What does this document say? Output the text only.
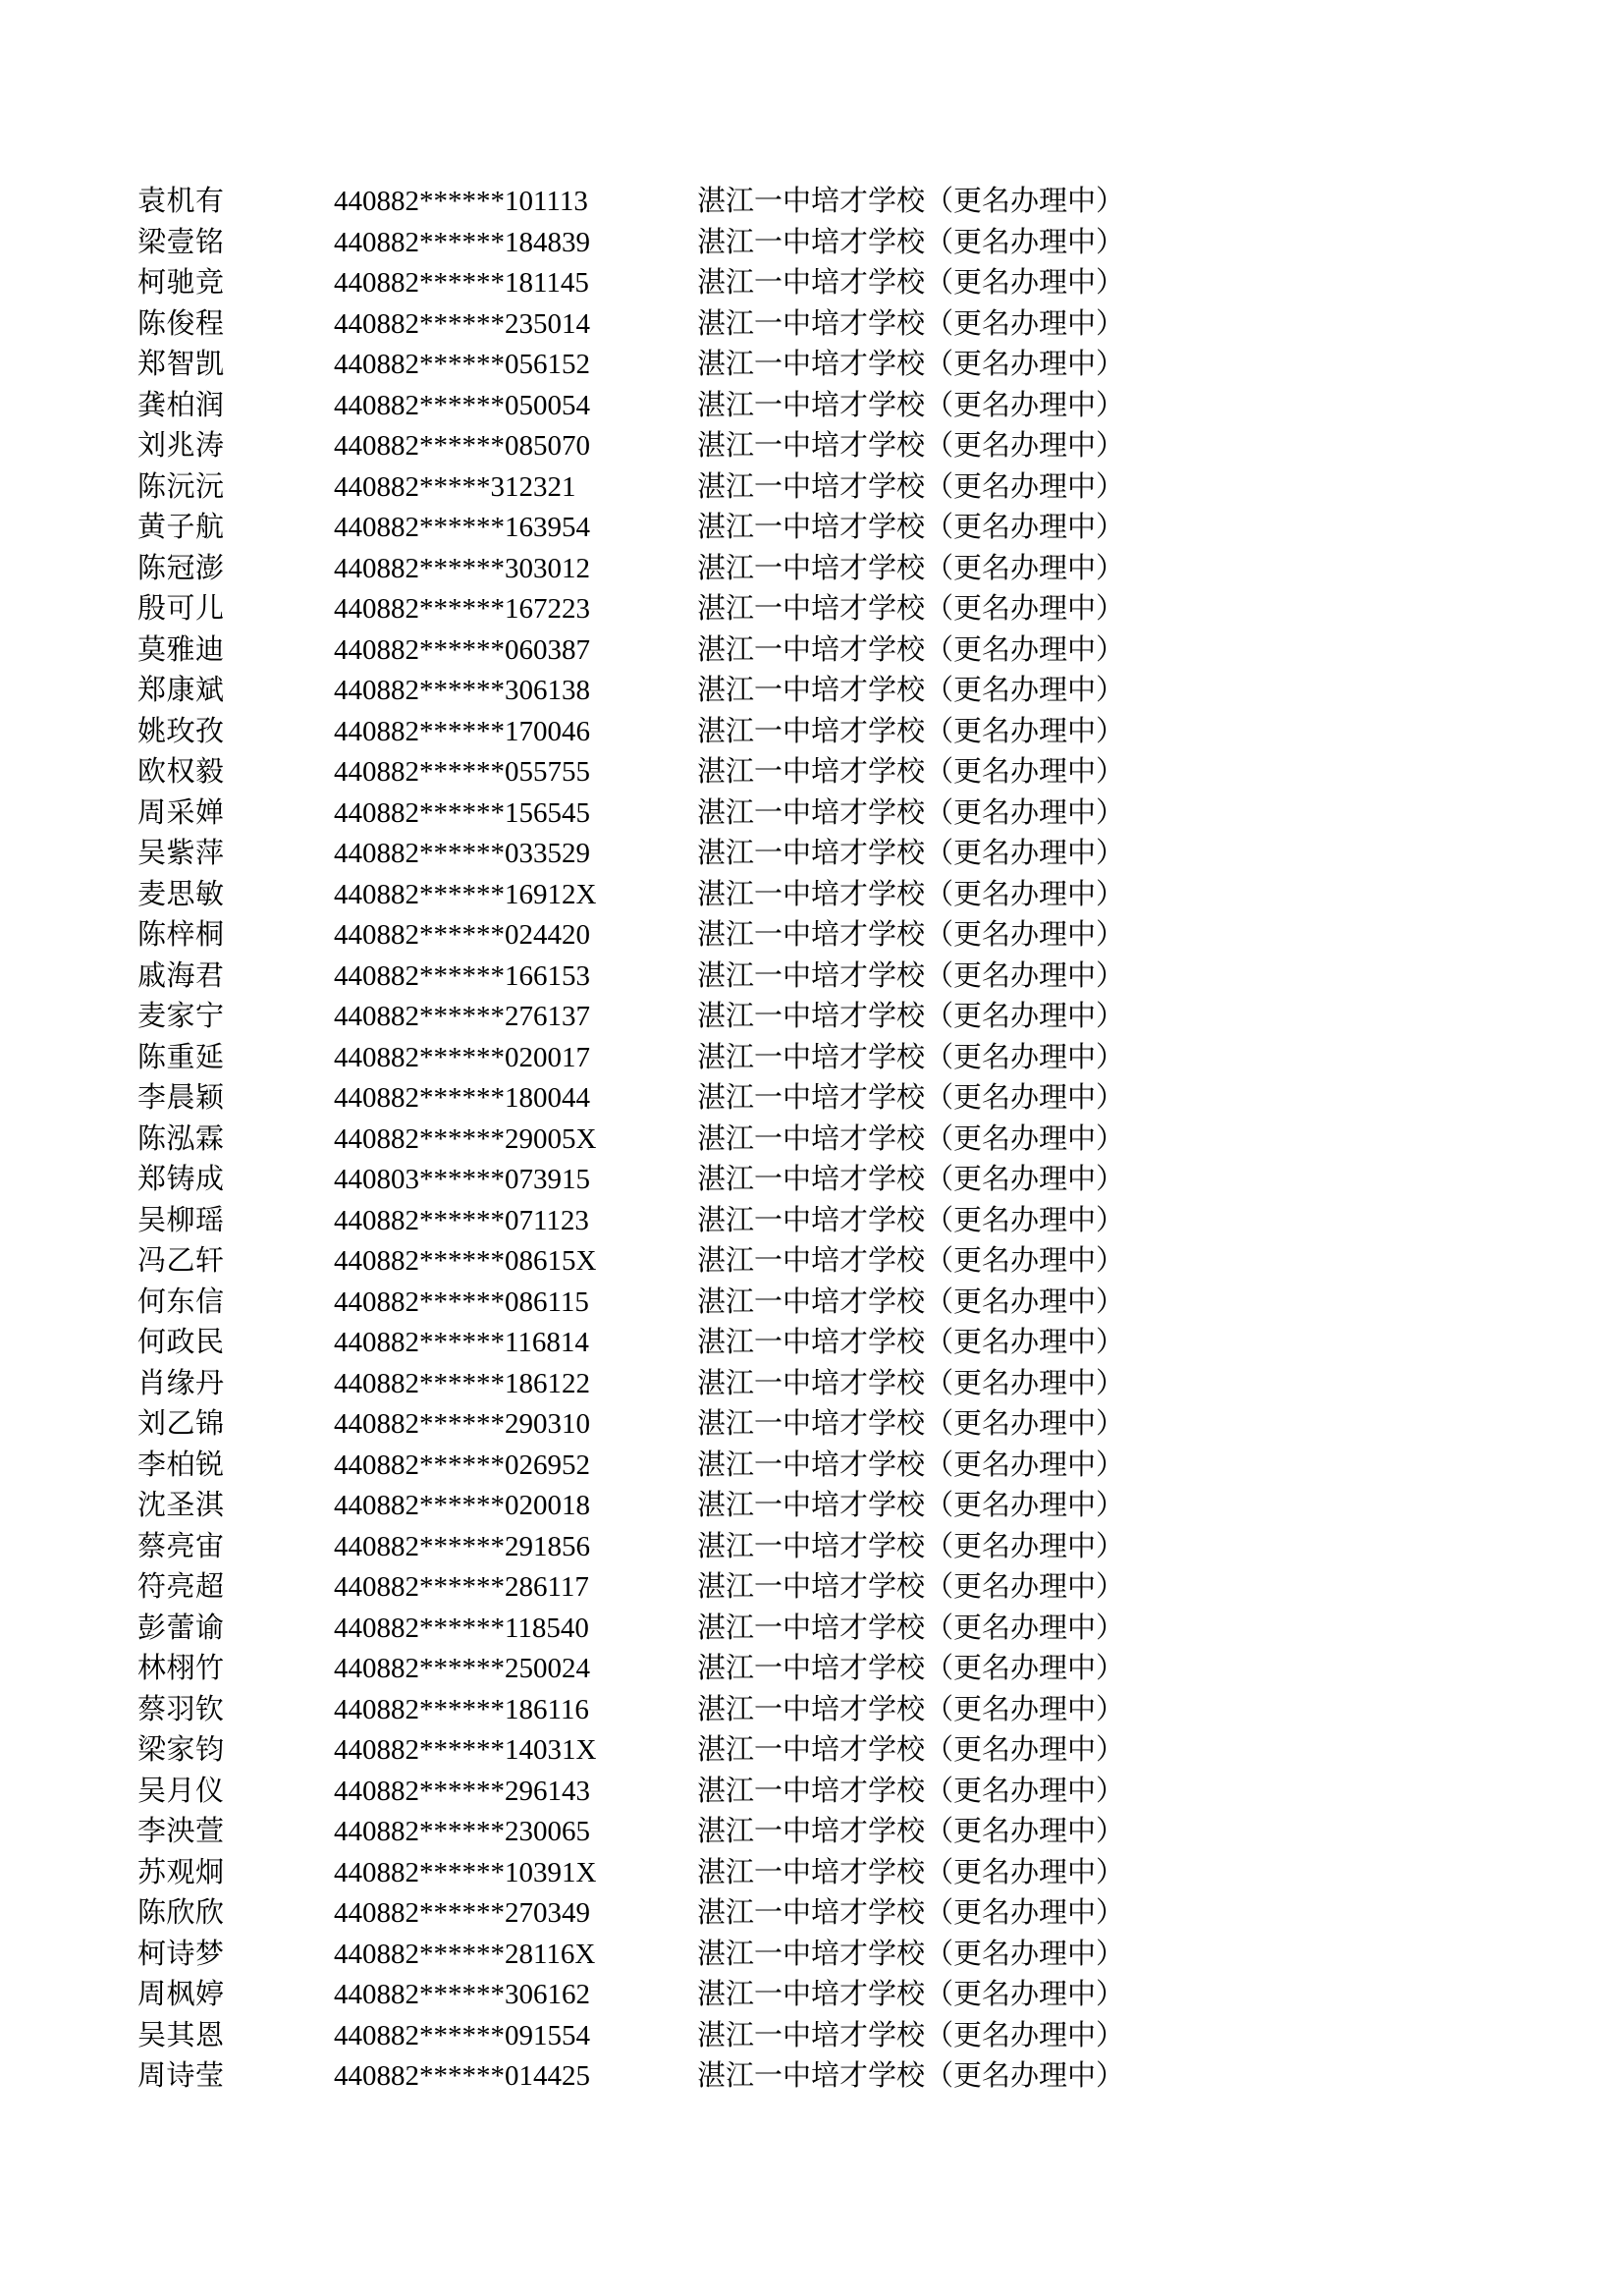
袁机有	440882******101113	湛江一中培才学校（更名办理中）
梁壹铭	440882******184839	湛江一中培才学校（更名办理中）
柯驰竞	440882******181145	湛江一中培才学校（更名办理中）
陈俊程	440882******235014	湛江一中培才学校（更名办理中）
郑智凯	440882******056152	湛江一中培才学校（更名办理中）
龚柏润	440882******050054	湛江一中培才学校（更名办理中）
刘兆涛	440882******085070	湛江一中培才学校（更名办理中）
陈沅沅	440882*****312321	湛江一中培才学校（更名办理中）
黄子航	440882******163954	湛江一中培才学校（更名办理中）
陈冠澎	440882******303012	湛江一中培才学校（更名办理中）
殷可儿	440882******167223	湛江一中培才学校（更名办理中）
莫雅迪	440882******060387	湛江一中培才学校（更名办理中）
郑康斌	440882******306138	湛江一中培才学校（更名办理中）
姚玫孜	440882******170046	湛江一中培才学校（更名办理中）
欧权毅	440882******055755	湛江一中培才学校（更名办理中）
周采婵	440882******156545	湛江一中培才学校（更名办理中）
吴紫萍	440882******033529	湛江一中培才学校（更名办理中）
麦思敏	440882******16912X	湛江一中培才学校（更名办理中）
陈梓桐	440882******024420	湛江一中培才学校（更名办理中）
戚海君	440882******166153	湛江一中培才学校（更名办理中）
麦家宁	440882******276137	湛江一中培才学校（更名办理中）
陈重延	440882******020017	湛江一中培才学校（更名办理中）
李晨颖	440882******180044	湛江一中培才学校（更名办理中）
陈泓霖	440882******29005X	湛江一中培才学校（更名办理中）
郑铸成	440803******073915	湛江一中培才学校（更名办理中）
吴柳瑶	440882******071123	湛江一中培才学校（更名办理中）
冯乙轩	440882******08615X	湛江一中培才学校（更名办理中）
何东信	440882******086115	湛江一中培才学校（更名办理中）
何政民	440882******116814	湛江一中培才学校（更名办理中）
肖缘丹	440882******186122	湛江一中培才学校（更名办理中）
刘乙锦	440882******290310	湛江一中培才学校（更名办理中）
李柏锐	440882******026952	湛江一中培才学校（更名办理中）
沈圣淇	440882******020018	湛江一中培才学校（更名办理中）
蔡亮宙	440882******291856	湛江一中培才学校（更名办理中）
符亮超	440882******286117	湛江一中培才学校（更名办理中）
彭蕾谕	440882******118540	湛江一中培才学校（更名办理中）
林栩竹	440882******250024	湛江一中培才学校（更名办理中）
蔡羽钦	440882******186116	湛江一中培才学校（更名办理中）
梁家钧	440882******14031X	湛江一中培才学校（更名办理中）
吴月仪	440882******296143	湛江一中培才学校（更名办理中）
李泱萱	440882******230065	湛江一中培才学校（更名办理中）
苏观炯	440882******10391X	湛江一中培才学校（更名办理中）
陈欣欣	440882******270349	湛江一中培才学校（更名办理中）
柯诗梦	440882******28116X	湛江一中培才学校（更名办理中）
周枫婷	440882******306162	湛江一中培才学校（更名办理中）
吴其恩	440882******091554	湛江一中培才学校（更名办理中）
周诗莹	440882******014425	湛江一中培才学校（更名办理中）
